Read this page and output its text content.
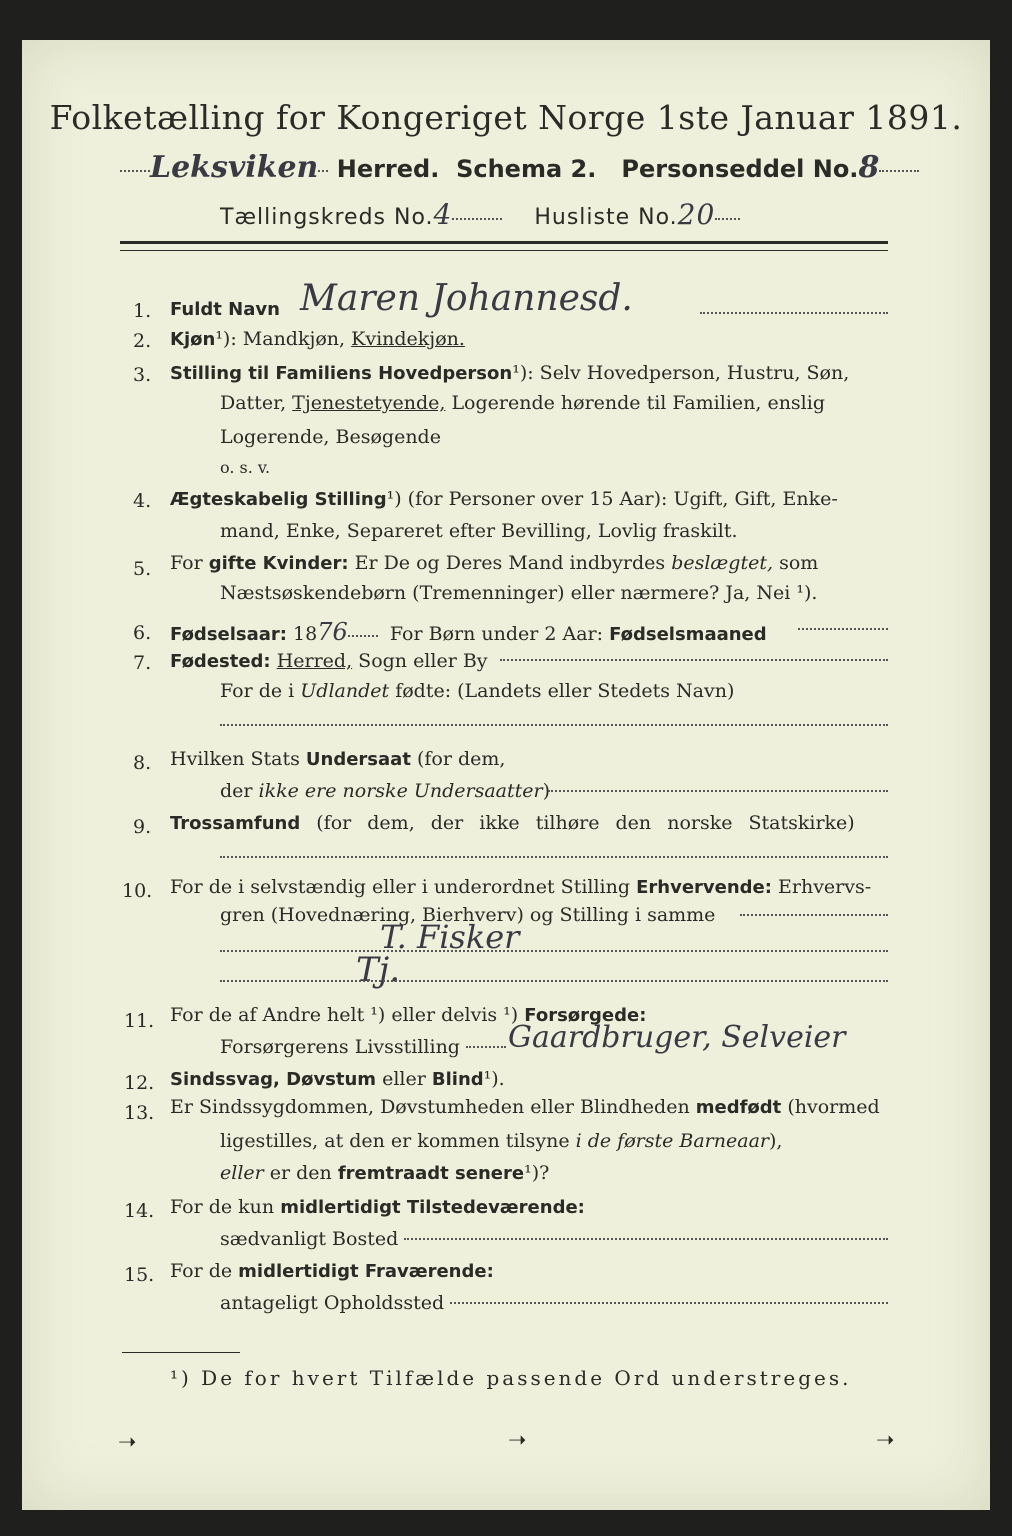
Folketælling for Kongeriget Norge 1ste Januar 1891.
Leksviken Herred. Schema 2. Personseddel No.8
Tællingskreds No.4	Husliste No.20
1. Fuldt Navn Maren Johannesd.
2. Kjøn¹): Mandkjøn, Kvindekjøn.
3. Stilling til Familiens Hovedperson¹): Selv Hovedperson, Hustru, Søn,
Datter, Tjenestetyende, Logerende hørende til Familien, enslig
Logerende, Besøgende
o. s. v.
4. Ægteskabelig Stilling¹) (for Personer over 15 Aar): Ugift, Gift, Enke-
mand, Enke, Separeret efter Bevilling, Lovlig fraskilt.
5. For gifte Kvinder: Er De og Deres Mand indbyrdes beslægtet, som
Næstsøskendebørn (Tremenninger) eller nærmere? Ja, Nei ¹).
6. Fødselsaar: 1876 For Børn under 2 Aar: Fødselsmaaned
7. Fødested: Herred, Sogn eller By
For de i Udlandet fødte: (Landets eller Stedets Navn)
8. Hvilken Stats Undersaat (for dem,
der ikke ere norske Undersaatter)
9. Trossamfund (for dem, der ikke tilhøre den norske Statskirke)
10. For de i selvstændig eller i underordnet Stilling Erhvervende: Erhvervs-
gren (Hovednæring, Bierhverv) og Stilling i samme
T. Fisker
Tj.
11. For de af Andre helt ¹) eller delvis ¹) Forsørgede:
Forsørgerens Livsstilling Gaardbruger, Selveier
12. Sindssvag, Døvstum eller Blind¹).
13. Er Sindssygdommen, Døvstumheden eller Blindheden medfødt (hvormed
ligestilles, at den er kommen tilsyne i de første Barneaar),
eller er den fremtraadt senere¹)?
14. For de kun midlertidigt Tilstedeværende:
sædvanligt Bosted
15. For de midlertidigt Fraværende:
antageligt Opholdssted
¹) De for hvert Tilfælde passende Ord understreges.
➝	➝	➝
